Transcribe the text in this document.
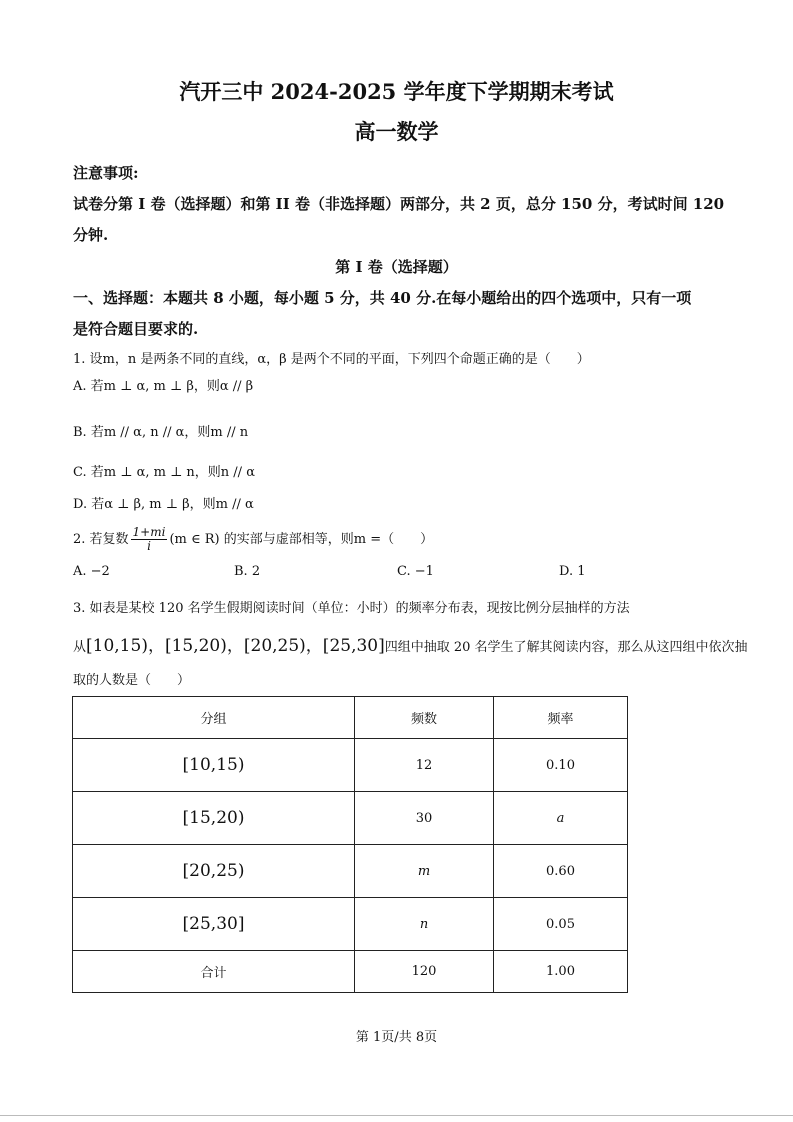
汽开三中 2024-2025 学年度下学期期末考试
高一数学
注意事项:
试卷分第 I 卷（选择题）和第 II 卷（非选择题）两部分，共 2 页，总分 150 分，考试时间 120
分钟.
第 I 卷（选择题）
一、选择题：本题共 8 小题，每小题 5 分，共 40 分.在每小题给出的四个选项中，只有一项
是符合题目要求的.
1. 设m，n 是两条不同的直线，α，β 是两个不同的平面，下列四个命题正确的是（　　）
A. 若m ⊥ α, m ⊥ β，则α // β
B. 若m // α, n // α，则m // n
C. 若m ⊥ α, m ⊥ n，则n // α
D. 若α ⊥ β, m ⊥ β，则m // α
2. 若复数 $\frac{1+mi}{i} (m$ ∈ R) 的实部与虚部相等，则m =（　　）
A. −2	B. 2	C. −1	D. 1
3. 如表是某校 120 名学生假期阅读时间（单位：小时）的频率分布表，现按比例分层抽样的方法
从[10,15)，[15,20)，[20,25)，[25,30]四组中抽取 20 名学生了解其阅读内容，那么从这四组中依次抽
取的人数是（　　）
分组	频数	频率
[10,15)	12	0.10
[15,20)	30	a
[20,25)	m	0.60
[25,30]	n	0.05
合计	120	1.00
第 1页/共 8页
